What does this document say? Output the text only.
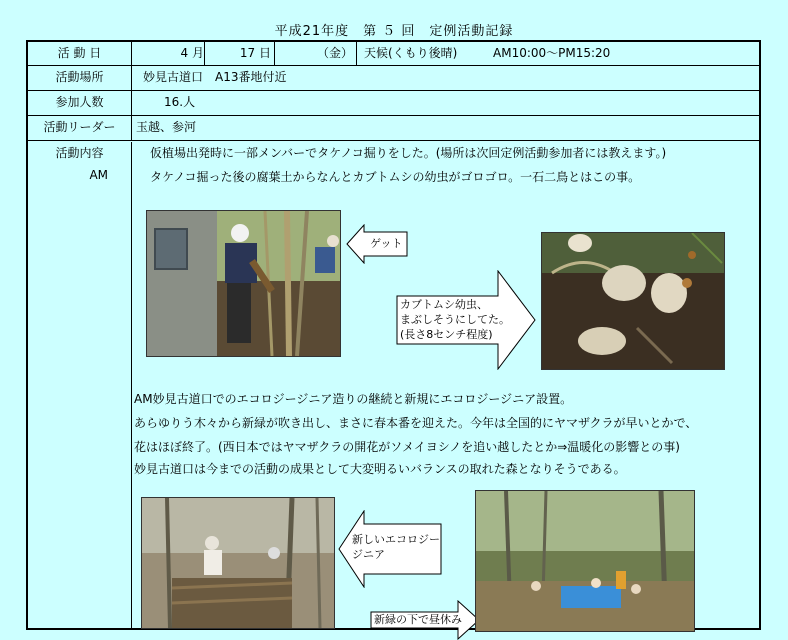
平成21年度　第 ５ 回　定例活動記録
活 動 日	4 月	17 日	（金） 天候(くもり後晴)	AM10:00～PM15:20
活動場所	妙見古道口　A13番地付近
参加人数	16.人
活動リーダー	玉越、参河
活動内容
AM
仮植場出発時に一部メンバーでタケノコ掘りをした。(場所は次回定例活動参加者には教えます。)
タケノコ掘った後の腐葉土からなんとカブトムシの幼虫がゴロゴロ。一石二鳥とはこの事。
ゲット
カブトムシ幼虫、
まぶしそうにしてた。
(長さ8センチ程度)
AM妙見古道口でのエコロジージニア造りの継続と新規にエコロジージニア設置。
あらゆりう木々から新緑が吹き出し、まさに春本番を迎えた。今年は全国的にヤマザクラが早いとかで、
花はほぼ終了。(西日本ではヤマザクラの開花がソメイヨシノを追い越したとか⇒温暖化の影響との事)
妙見古道口は今までの活動の成果として大変明るいバランスの取れた森となりそうである。
新しいエコロジー
ジニア
新緑の下で昼休み
